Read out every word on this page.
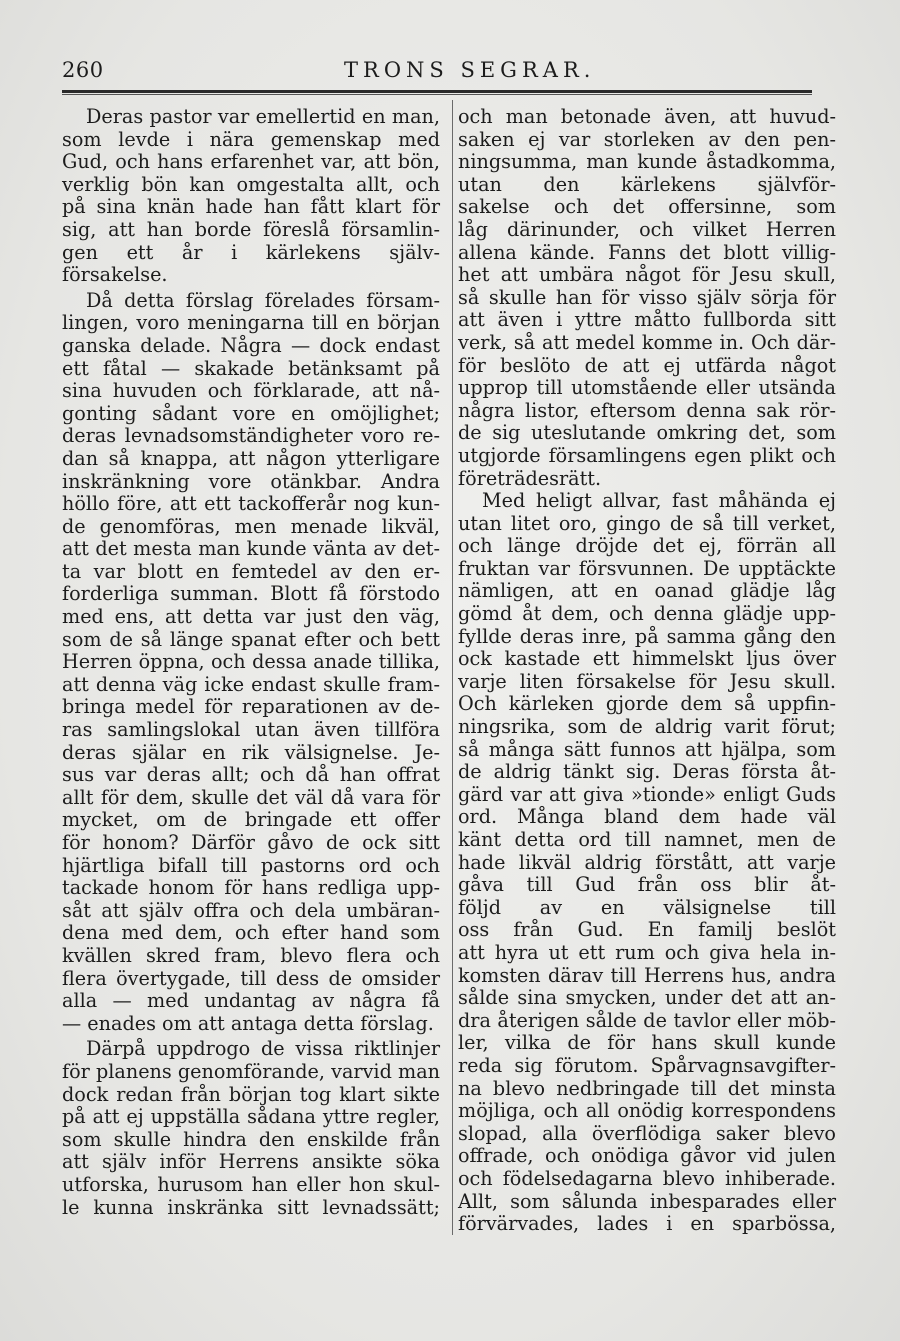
260	TRONS SEGRAR.
Deras pastor var emellertid en man,
som levde i nära gemenskap med
Gud, och hans erfarenhet var, att bön,
verklig bön kan omgestalta allt, och
på sina knän hade han fått klart för
sig, att han borde föreslå församlin-
gen ett år i kärlekens själv-
försakelse.
Då detta förslag förelades försam-
lingen, voro meningarna till en början
ganska delade. Några — dock endast
ett fåtal — skakade betänksamt på
sina huvuden och förklarade, att nå-
gonting sådant vore en omöjlighet;
deras levnadsomständigheter voro re-
dan så knappa, att någon ytterligare
inskränkning vore otänkbar. Andra
höllo före, att ett tackofferår nog kun-
de genomföras, men menade likväl,
att det mesta man kunde vänta av det-
ta var blott en femtedel av den er-
forderliga summan. Blott få förstodo
med ens, att detta var just den väg,
som de så länge spanat efter och bett
Herren öppna, och dessa anade tillika,
att denna väg icke endast skulle fram-
bringa medel för reparationen av de-
ras samlingslokal utan även tillföra
deras själar en rik välsignelse. Je-
sus var deras allt; och då han offrat
allt för dem, skulle det väl då vara för
mycket, om de bringade ett offer
för honom? Därför gåvo de ock sitt
hjärtliga bifall till pastorns ord och
tackade honom för hans redliga upp-
såt att själv offra och dela umbäran-
dena med dem, och efter hand som
kvällen skred fram, blevo flera och
flera övertygade, till dess de omsider
alla — med undantag av några få
— enades om att antaga detta förslag.
Därpå uppdrogo de vissa riktlinjer
för planens genomförande, varvid man
dock redan från början tog klart sikte
på att ej uppställa sådana yttre regler,
som skulle hindra den enskilde från
att själv inför Herrens ansikte söka
utforska, hurusom han eller hon skul-
le kunna inskränka sitt levnadssätt;
och man betonade även, att huvud-
saken ej var storleken av den pen-
ningsumma, man kunde åstadkomma,
utan den kärlekens självför-
sakelse och det offersinne, som
låg därinunder, och vilket Herren
allena kände. Fanns det blott villig-
het att umbära något för Jesu skull,
så skulle han för visso själv sörja för
att även i yttre måtto fullborda sitt
verk, så att medel komme in. Och där-
för beslöto de att ej utfärda något
upprop till utomstående eller utsända
några listor, eftersom denna sak rör-
de sig uteslutande omkring det, som
utgjorde församlingens egen plikt och
företrädesrätt.
Med heligt allvar, fast måhända ej
utan litet oro, gingo de så till verket,
och länge dröjde det ej, förrän all
fruktan var försvunnen. De upptäckte
nämligen, att en oanad glädje låg
gömd åt dem, och denna glädje upp-
fyllde deras inre, på samma gång den
ock kastade ett himmelskt ljus över
varje liten försakelse för Jesu skull.
Och kärleken gjorde dem så uppfin-
ningsrika, som de aldrig varit förut;
så många sätt funnos att hjälpa, som
de aldrig tänkt sig. Deras första åt-
gärd var att giva »tionde» enligt Guds
ord. Många bland dem hade väl
känt detta ord till namnet, men de
hade likväl aldrig förstått, att varje
gåva till Gud från oss blir åt-
följd av en välsignelse till
oss från Gud. En familj beslöt
att hyra ut ett rum och giva hela in-
komsten därav till Herrens hus, andra
sålde sina smycken, under det att an-
dra återigen sålde de tavlor eller möb-
ler, vilka de för hans skull kunde
reda sig förutom. Spårvagnsavgifter-
na blevo nedbringade till det minsta
möjliga, och all onödig korrespondens
slopad, alla överflödiga saker blevo
offrade, och onödiga gåvor vid julen
och födelsedagarna blevo inhiberade.
Allt, som sålunda inbesparades eller
förvärvades, lades i en sparbössa,
